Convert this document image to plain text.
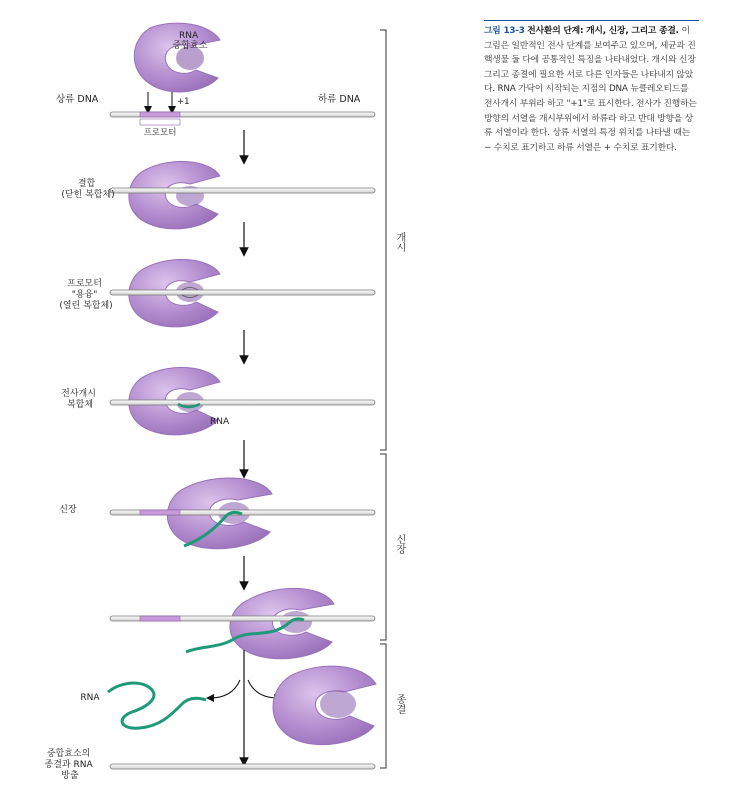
RNA 중합효소
상류 DNA	하류 DNA
+1
프로모터
결합 (닫힌 복합체)
프로모터 "용융" (열린 복합체)
RNA
전사개시 복합체
신장
RNA
중합효소의 종결과 RNA 방출
개시
신장
종결
그림 13-3 전사환의 단계: 개시, 신장, 그리고 종결. 이 그림은 일반적인 전사 단계를 보여주고 있으며, 세균과 진핵생물 둘 다에 공통적인 특징을 나타내었다. 개시와 신장 그리고 종결에 필요한 서로 다른 인자들은 나타내지 않았다. RNA 가닥이 시작되는 지점의 DNA 뉴클레오티드를 전사개시 부위라 하고 "+1"로 표시한다. 전사가 진행하는 방향의 서열을 개시부위에서 하류라 하고 반대 방향을 상류 서열이라 한다. 상류 서열의 특정 위치를 나타낼 때는 − 수치로 표기하고 하류 서열은 + 수치로 표기한다.
